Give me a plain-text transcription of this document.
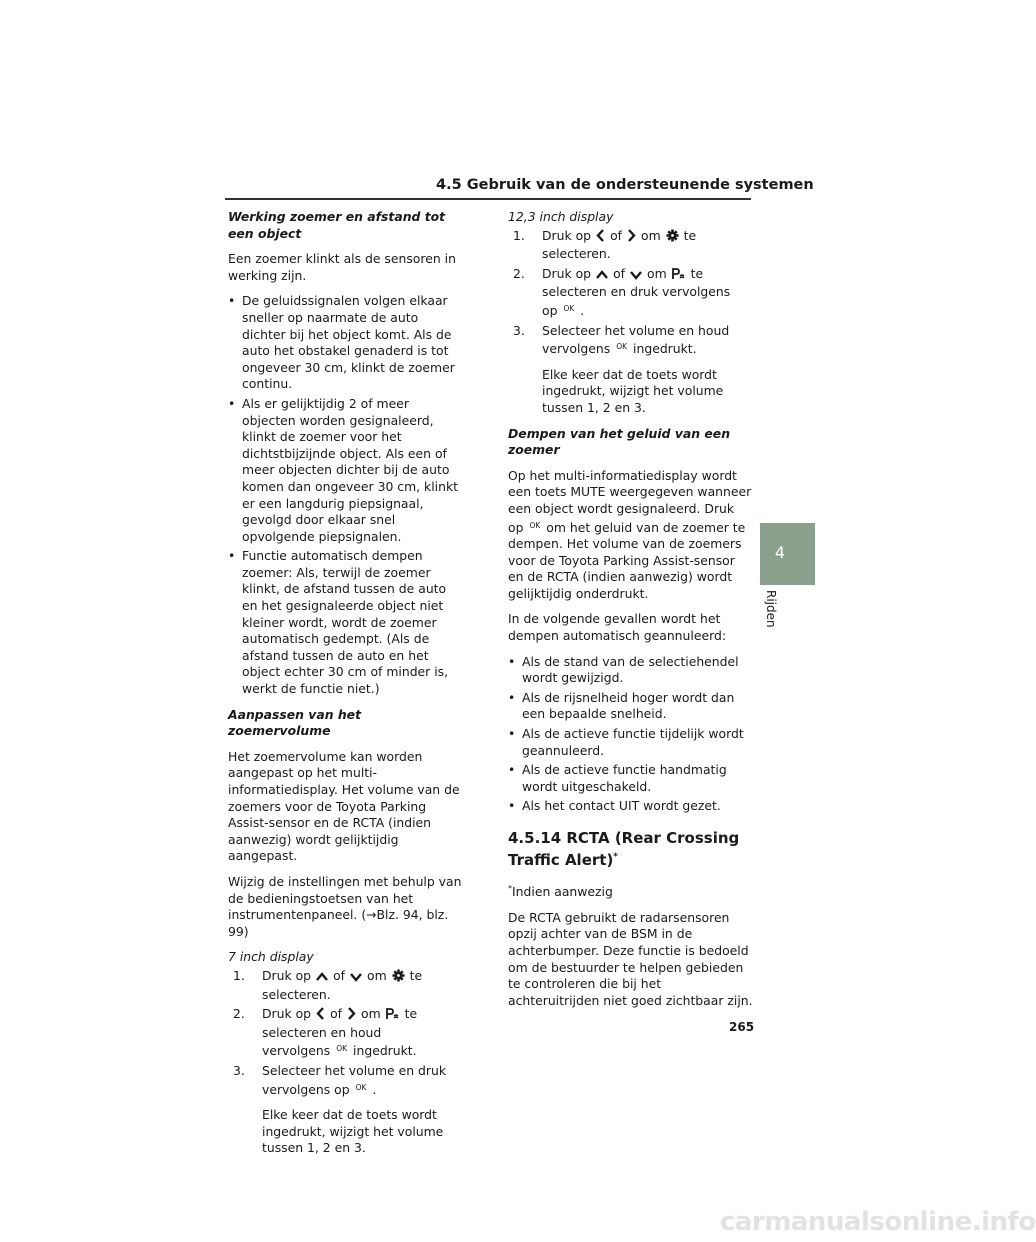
4.5 Gebruik van de ondersteunende systemen

Werking zoemer en afstand tot een object

Een zoemer klinkt als de sensoren in werking zijn.

• De geluidssignalen volgen elkaar sneller op naarmate de auto dichter bij het object komt. Als de auto het obstakel genaderd is tot ongeveer 30 cm, klinkt de zoemer continu.
• Als er gelijktijdig 2 of meer objecten worden gesignaleerd, klinkt de zoemer voor het dichtstbijzijnde object. Als een of meer objecten dichter bij de auto komen dan ongeveer 30 cm, klinkt er een langdurig piepsignaal, gevolgd door elkaar snel opvolgende piepsignalen.
• Functie automatisch dempen zoemer: Als, terwijl de zoemer klinkt, de afstand tussen de auto en het gesignaleerde object niet kleiner wordt, wordt de zoemer automatisch gedempt. (Als de afstand tussen de auto en het object echter 30 cm of minder is, werkt de functie niet.)

Aanpassen van het zoemervolume

Het zoemervolume kan worden aangepast op het multi-informatiedisplay. Het volume van de zoemers voor de Toyota Parking Assist-sensor en de RCTA (indien aanwezig) wordt gelijktijdig aangepast.

Wijzig de instellingen met behulp van de bedieningstoetsen van het instrumentenpaneel. (→Blz. 94, blz. 99)

7 inch display

1. Druk op of om te selecteren.
2. Druk op of om te selecteren en houd vervolgens $^{OK}$ ingedrukt.
3. Selecteer het volume en druk vervolgens op $^{OK}$ .

Elke keer dat de toets wordt ingedrukt, wijzigt het volume tussen 1, 2 en 3.

12,3 inch display

1. Druk op of om te selecteren.
2. Druk op of om te selecteren en druk vervolgens op $^{OK}$ .
3. Selecteer het volume en houd vervolgens $^{OK}$ ingedrukt.

Elke keer dat de toets wordt ingedrukt, wijzigt het volume tussen 1, 2 en 3.

Dempen van het geluid van een zoemer

Op het multi-informatiedisplay wordt een toets MUTE weergegeven wanneer een object wordt gesignaleerd. Druk op $^{OK}$ om het geluid van de zoemer te dempen. Het volume van de zoemers voor de Toyota Parking Assist-sensor en de RCTA (indien aanwezig) wordt gelijktijdig onderdrukt.

In de volgende gevallen wordt het dempen automatisch geannuleerd:

• Als de stand van de selectiehendel wordt gewijzigd.
• Als de rijsnelheid hoger wordt dan een bepaalde snelheid.
• Als de actieve functie tijdelijk wordt geannuleerd.
• Als de actieve functie handmatig wordt uitgeschakeld.
• Als het contact UIT wordt gezet.
4.5.14 RCTA (Rear Crossing Traffic Alert)*

*Indien aanwezig

De RCTA gebruikt de radarsensoren opzij achter van de BSM in de achterbumper. Deze functie is bedoeld om de bestuurder te helpen gebieden te controleren die bij het achteruitrijden niet goed zichtbaar zijn.

4
Rijden
265
carmanualsonline.info
